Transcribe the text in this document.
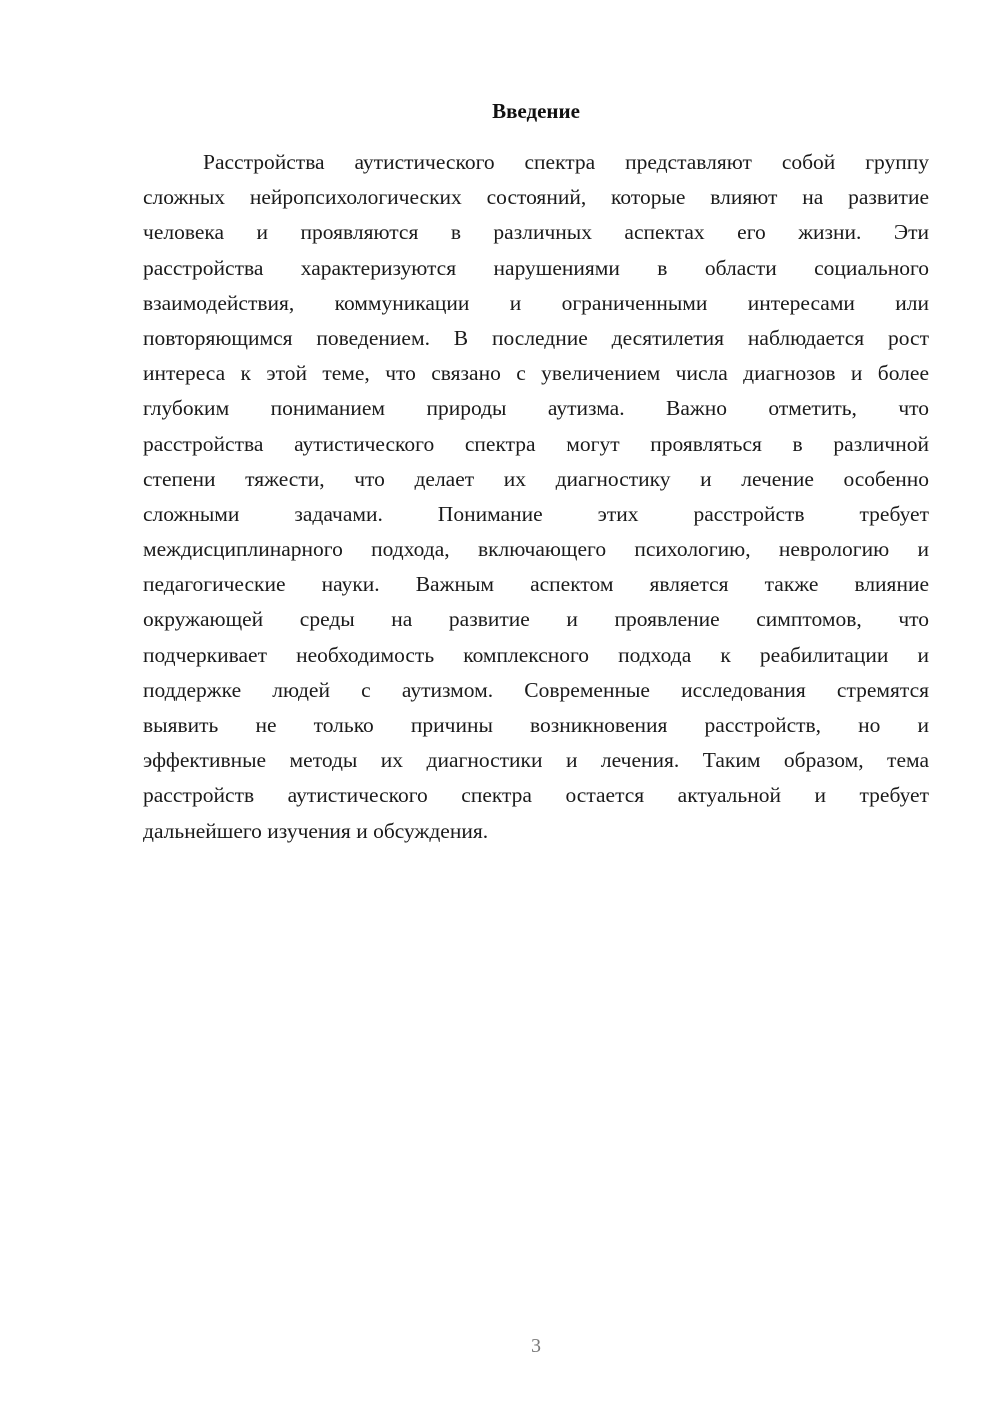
Введение
Расстройства аутистического спектра представляют собой группу
сложных нейропсихологических состояний, которые влияют на развитие
человека и проявляются в различных аспектах его жизни. Эти
расстройства характеризуются нарушениями в области социального
взаимодействия, коммуникации и ограниченными интересами или
повторяющимся поведением. В последние десятилетия наблюдается рост
интереса к этой теме, что связано с увеличением числа диагнозов и более
глубоким пониманием природы аутизма. Важно отметить, что
расстройства аутистического спектра могут проявляться в различной
степени тяжести, что делает их диагностику и лечение особенно
сложными задачами. Понимание этих расстройств требует
междисциплинарного подхода, включающего психологию, неврологию и
педагогические науки. Важным аспектом является также влияние
окружающей среды на развитие и проявление симптомов, что
подчеркивает необходимость комплексного подхода к реабилитации и
поддержке людей с аутизмом. Современные исследования стремятся
выявить не только причины возникновения расстройств, но и
эффективные методы их диагностики и лечения. Таким образом, тема
расстройств аутистического спектра остается актуальной и требует
дальнейшего изучения и обсуждения.
3
